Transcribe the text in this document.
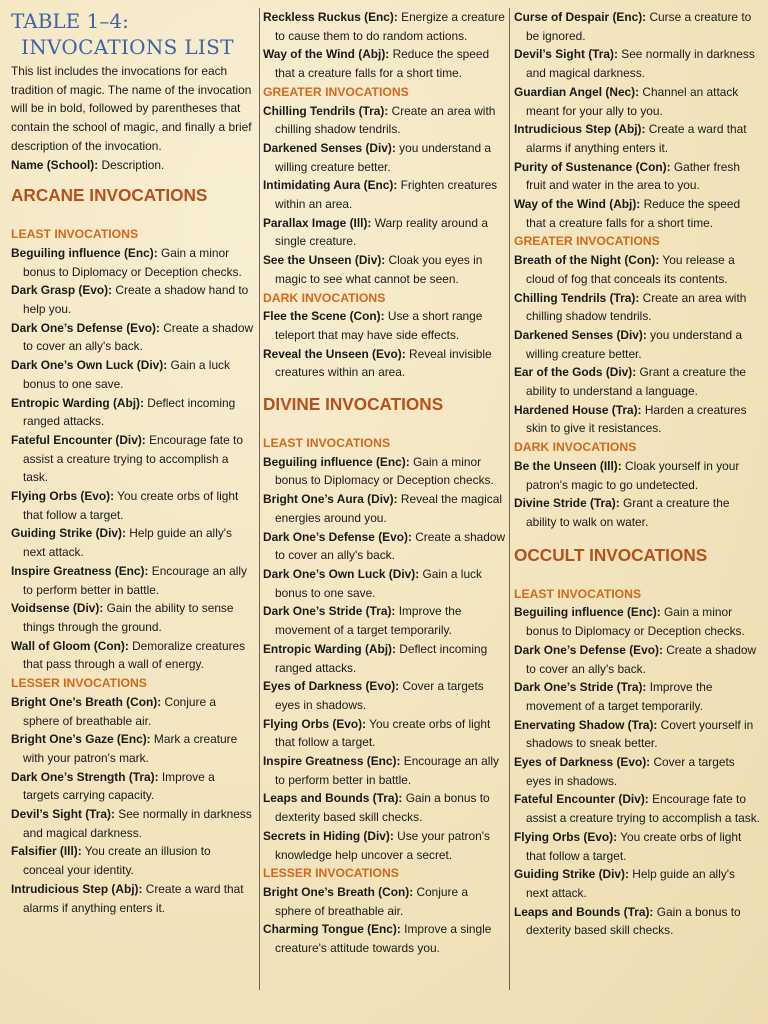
TABLE 1–4:
INVOCATIONS LIST

This list includes the invocations for each tradition of magic. The name of the invocation will be in bold, followed by parentheses that contain the school of magic, and finally a brief description of the invocation.

Name (School): Description.

ARCANE INVOCATIONS
LEAST INVOCATIONS

Beguiling influence (Enc): Gain a minor bonus to Diplomacy or Deception checks.

Dark Grasp (Evo): Create a shadow hand to help you.

Dark One’s Defense (Evo): Create a shadow to cover an ally's back.

Dark One’s Own Luck (Div): Gain a luck bonus to one save.

Entropic Warding (Abj): Deflect incoming ranged attacks.

Fateful Encounter (Div): Encourage fate to assist a creature trying to accomplish a task.

Flying Orbs (Evo): You create orbs of light that follow a target.

Guiding Strike (Div): Help guide an ally's next attack.

Inspire Greatness (Enc): Encourage an ally to perform better in battle.

Voidsense (Div): Gain the ability to sense things through the ground.

Wall of Gloom (Con): Demoralize creatures that pass through a wall of energy.

LESSER INVOCATIONS

Bright One’s Breath (Con): Conjure a sphere of breathable air.

Bright One’s Gaze (Enc): Mark a creature with your patron's mark.

Dark One’s Strength (Tra): Improve a targets carrying capacity.

Devil’s Sight (Tra): See normally in darkness and magical darkness.

Falsifier (Ill): You create an illusion to conceal your identity.

Intrudicious Step (Abj): Create a ward that alarms if anything enters it.

Reckless Ruckus (Enc): Energize a creature to cause them to do random actions.

Way of the Wind (Abj): Reduce the speed that a creature falls for a short time.

GREATER INVOCATIONS

Chilling Tendrils (Tra): Create an area with chilling shadow tendrils.

Darkened Senses (Div): you understand a willing creature better.

Intimidating Aura (Enc): Frighten creatures within an area.

Parallax Image (Ill): Warp reality around a single creature.

See the Unseen (Div): Cloak you eyes in magic to see what cannot be seen.

DARK INVOCATIONS

Flee the Scene (Con): Use a short range teleport that may have side effects.

Reveal the Unseen (Evo): Reveal invisible creatures within an area.

DIVINE INVOCATIONS
LEAST INVOCATIONS

Beguiling influence (Enc): Gain a minor bonus to Diplomacy or Deception checks.

Bright One’s Aura (Div): Reveal the magical energies around you.

Dark One’s Defense (Evo): Create a shadow to cover an ally's back.

Dark One’s Own Luck (Div): Gain a luck bonus to one save.

Dark One’s Stride (Tra): Improve the movement of a target temporarily.

Entropic Warding (Abj): Deflect incoming ranged attacks.

Eyes of Darkness (Evo): Cover a targets eyes in shadows.

Flying Orbs (Evo): You create orbs of light that follow a target.

Inspire Greatness (Enc): Encourage an ally to perform better in battle.

Leaps and Bounds (Tra): Gain a bonus to dexterity based skill checks.

Secrets in Hiding (Div): Use your patron's knowledge help uncover a secret.

LESSER INVOCATIONS

Bright One’s Breath (Con): Conjure a sphere of breathable air.

Charming Tongue (Enc): Improve a single creature's attitude towards you.

Curse of Despair (Enc): Curse a creature to be ignored.

Devil’s Sight (Tra): See normally in darkness and magical darkness.

Guardian Angel (Nec): Channel an attack meant for your ally to you.

Intrudicious Step (Abj): Create a ward that alarms if anything enters it.

Purity of Sustenance (Con): Gather fresh fruit and water in the area to you.

Way of the Wind (Abj): Reduce the speed that a creature falls for a short time.

GREATER INVOCATIONS

Breath of the Night (Con): You release a cloud of fog that conceals its contents.

Chilling Tendrils (Tra): Create an area with chilling shadow tendrils.

Darkened Senses (Div): you understand a willing creature better.

Ear of the Gods (Div): Grant a creature the ability to understand a language.

Hardened House (Tra): Harden a creatures skin to give it resistances.

DARK INVOCATIONS

Be the Unseen (Ill): Cloak yourself in your patron's magic to go undetected.

Divine Stride (Tra): Grant a creature the ability to walk on water.

OCCULT INVOCATIONS
LEAST INVOCATIONS

Beguiling influence (Enc): Gain a minor bonus to Diplomacy or Deception checks.

Dark One’s Defense (Evo): Create a shadow to cover an ally's back.

Dark One’s Stride (Tra): Improve the movement of a target temporarily.

Enervating Shadow (Tra): Covert yourself in shadows to sneak better.

Eyes of Darkness (Evo): Cover a targets eyes in shadows.

Fateful Encounter (Div): Encourage fate to assist a creature trying to accomplish a task.

Flying Orbs (Evo): You create orbs of light that follow a target.

Guiding Strike (Div): Help guide an ally's next attack.

Leaps and Bounds (Tra): Gain a bonus to dexterity based skill checks.
